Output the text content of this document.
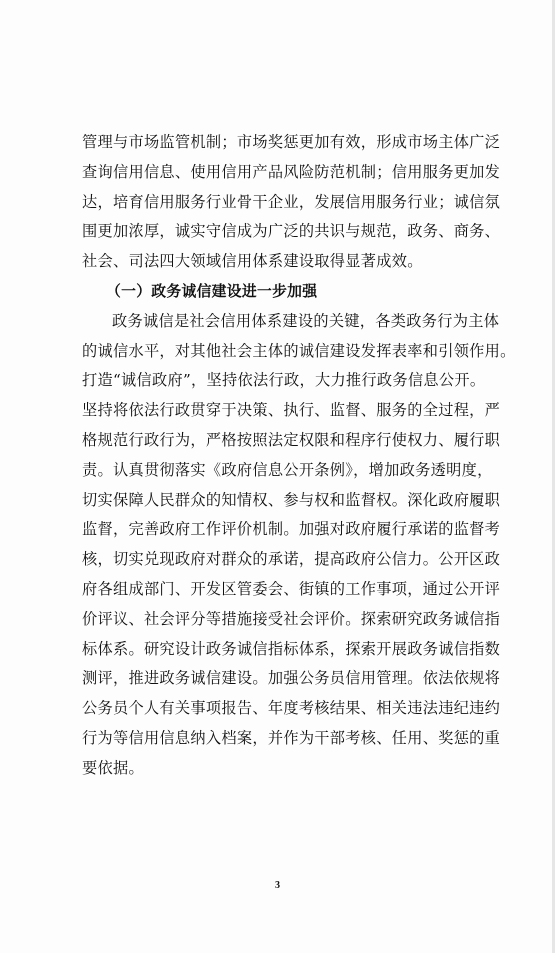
管理与市场监管机制；市场奖惩更加有效，形成市场主体广泛
查询信用信息、使用信用产品风险防范机制；信用服务更加发
达，培育信用服务行业骨干企业，发展信用服务行业；诚信氛
围更加浓厚，诚实守信成为广泛的共识与规范，政务、商务、
社会、司法四大领域信用体系建设取得显著成效。
（一）政务诚信建设进一步加强
政务诚信是社会信用体系建设的关键，各类政务行为主体
的诚信水平，对其他社会主体的诚信建设发挥表率和引领作用。
打造“诚信政府”，坚持依法行政，大力推行政务信息公开。
坚持将依法行政贯穿于决策、执行、监督、服务的全过程，严
格规范行政行为，严格按照法定权限和程序行使权力、履行职
责。认真贯彻落实《政府信息公开条例》，增加政务透明度，
切实保障人民群众的知情权、参与权和监督权。深化政府履职
监督，完善政府工作评价机制。加强对政府履行承诺的监督考
核，切实兑现政府对群众的承诺，提高政府公信力。公开区政
府各组成部门、开发区管委会、街镇的工作事项，通过公开评
价评议、社会评分等措施接受社会评价。探索研究政务诚信指
标体系。研究设计政务诚信指标体系，探索开展政务诚信指数
测评，推进政务诚信建设。加强公务员信用管理。依法依规将
公务员个人有关事项报告、年度考核结果、相关违法违纪违约
行为等信用信息纳入档案，并作为干部考核、任用、奖惩的重
要依据。
3
